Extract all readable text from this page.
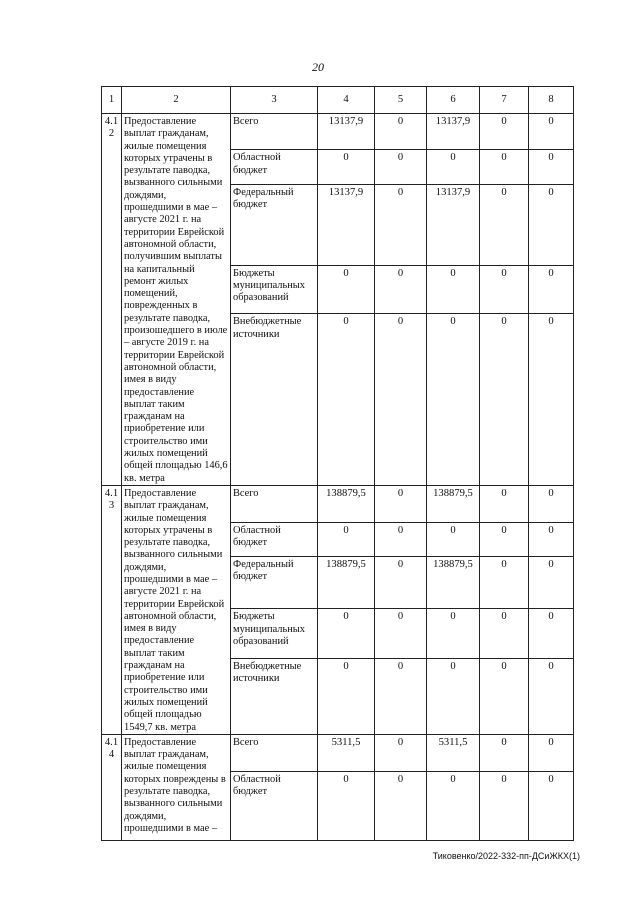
20
1	2	3	4	5	6	7	8
4.12	Предоставление выплат гражданам, жилые помещения которых утрачены в результате паводка, вызванного сильными дождями, прошедшими в мае – августе 2021 г. на территории Еврейской автономной области, получившим выплаты на капитальный ремонт жилых помещений, поврежденных в результате паводка, произошедшего в июле – августе 2019 г. на территории Еврейской автономной области, имея в виду предоставление выплат таким гражданам на приобретение или строительство ими жилых помещений общей площадью 146,6 кв. метра	Всего	13137,9	0	13137,9	0	0
		Областной бюджет	0	0	0	0	0
		Федеральный бюджет	13137,9	0	13137,9	0	0
		Бюджеты муниципальных образований	0	0	0	0	0
		Внебюджетные источники	0	0	0	0	0
4.13	Предоставление выплат гражданам, жилые помещения которых утрачены в результате паводка, вызванного сильными дождями, прошедшими в мае – августе 2021 г. на территории Еврейской автономной области, имея в виду предоставление выплат таким гражданам на приобретение или строительство ими жилых помещений общей площадью 1549,7 кв. метра	Всего	138879,5	0	138879,5	0	0
		Областной бюджет	0	0	0	0	0
		Федеральный бюджет	138879,5	0	138879,5	0	0
		Бюджеты муниципальных образований	0	0	0	0	0
		Внебюджетные источники	0	0	0	0	0
4.14	Предоставление выплат гражданам, жилые помещения которых повреждены в результате паводка, вызванного сильными дождями, прошедшими в мае –	Всего	5311,5	0	5311,5	0	0
		Областной бюджет	0	0	0	0	0
Тиковенко/2022-332-пп-ДСиЖКХ(1)
